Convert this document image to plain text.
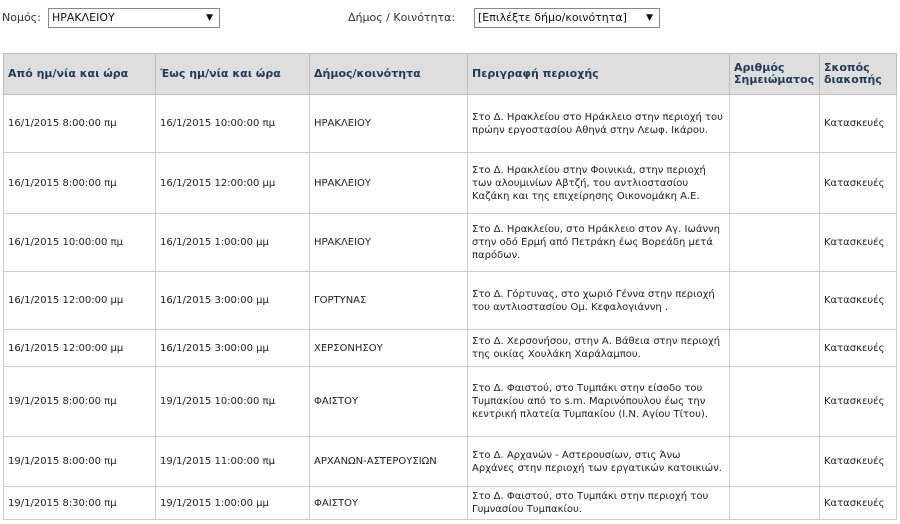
Νομός:	ΗΡΑΚΛΕΙΟΥ	▼	Δήμος / Κοινότητα:	[Επιλέξτε δήμο/κοινότητα] ▼
Από ημ/νία και ώρα	Έως ημ/νία και ώρα	Δήμος/κοινότητα	Περιγραφή περιοχής	Αριθμός Σημειώματος	Σκοπός διακοπής
16/1/2015 8:00:00 πμ	16/1/2015 10:00:00 πμ	ΗΡΑΚΛΕΙΟΥ	Στο Δ. Ηρακλείου στο Ηράκλειο στην περιοχή του πρώην εργοστασίου Αθηνά στην Λεωφ. Ικάρου.		Κατασκευές
16/1/2015 8:00:00 πμ	16/1/2015 12:00:00 μμ	ΗΡΑΚΛΕΙΟΥ	Στο Δ. Ηρακλείου στην Φοινικιά, στην περιοχή των αλουμινίων Αβτζή, του αντλιοστασίου Καζάκη και της επιχείρησης Οικονομάκη Α.Ε.		Κατασκευές
16/1/2015 10:00:00 πμ	16/1/2015 1:00:00 μμ	ΗΡΑΚΛΕΙΟΥ	Στο Δ. Ηρακλείου, στο Ηράκλειο στον Αγ. Ιωάννη στην οδό Ερμή από Πετράκη έως Βορεάδη μετά παρόδων.		Κατασκευές
16/1/2015 12:00:00 μμ	16/1/2015 3:00:00 μμ	ΓΟΡΤΥΝΑΣ	Στο Δ. Γόρτυνας, στο χωριό Γέννα στην περιοχή του αντλιοστασίου Ομ. Κεφαλογιάννη .		Κατασκευές
16/1/2015 12:00:00 μμ	16/1/2015 3:00:00 μμ	ΧΕΡΣΟΝΗΣΟΥ	Στο Δ. Χερσονήσου, στην Α. Βάθεια στην περιοχή της οικίας Χουλάκη Χαράλαμπου.		Κατασκευές
19/1/2015 8:00:00 πμ	19/1/2015 10:00:00 πμ	ΦΑΙΣΤΟΥ	Στο Δ. Φαιστού, στο Τυμπάκι στην είσοδο του Τυμπακίου από το s.m. Μαρινόπουλου έως την κεντρική πλατεία Τυμπακίου (Ι.Ν. Αγίου Τίτου).		Κατασκευές
19/1/2015 8:00:00 πμ	19/1/2015 11:00:00 πμ	ΑΡΧΑΝΩΝ-ΑΣΤΕΡΟΥΣΙΩΝ	Στο Δ. Αρχανών - Αστερουσίων, στις Άνω Αρχάνες στην περιοχή των εργατικών κατοικιών.		Κατασκευές
19/1/2015 8:30:00 πμ	19/1/2015 1:00:00 μμ	ΦΑΙΣΤΟΥ	Στο Δ. Φαιστού, στο Τυμπάκι στην περιοχή του Γυμνασίου Τυμπακίου.		Κατασκευές
